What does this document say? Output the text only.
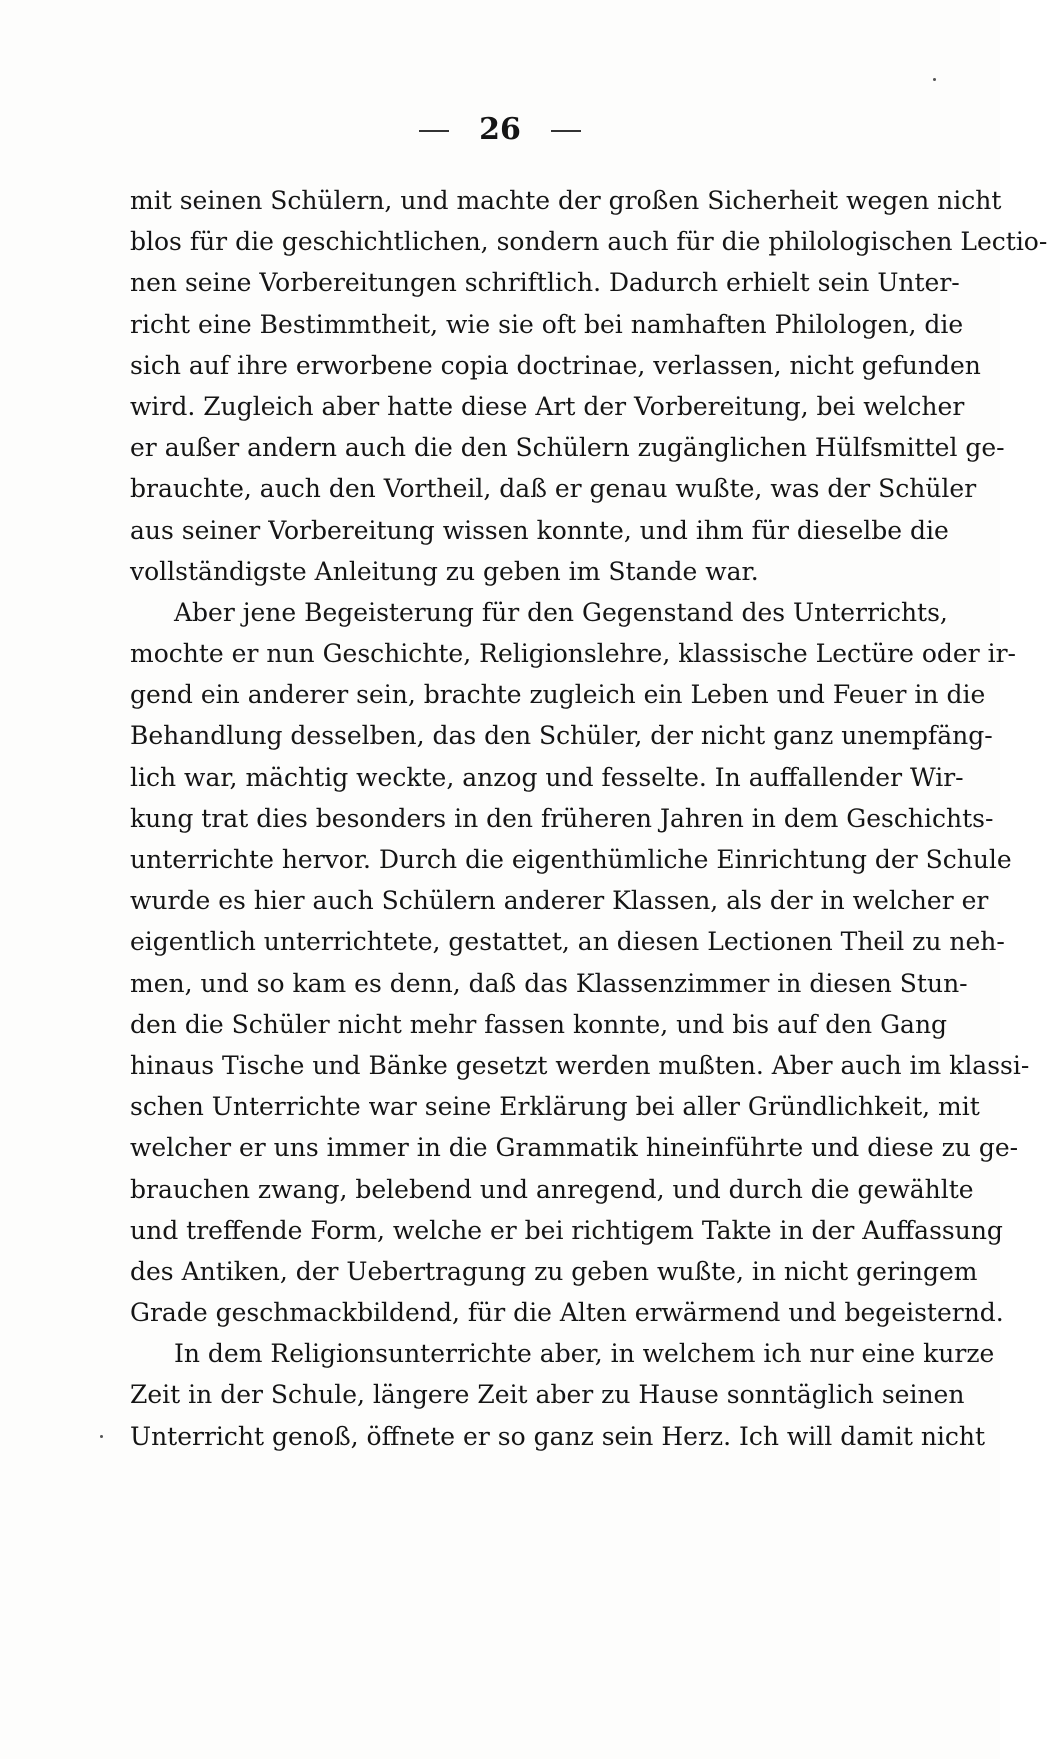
26
mit seinen Schülern, und machte der großen Sicherheit wegen nicht
blos für die geschichtlichen, sondern auch für die philologischen Lectio-
nen seine Vorbereitungen schriftlich. Dadurch erhielt sein Unter-
richt eine Bestimmtheit, wie sie oft bei namhaften Philologen, die
sich auf ihre erworbene copia doctrinae, verlassen, nicht gefunden
wird. Zugleich aber hatte diese Art der Vorbereitung, bei welcher
er außer andern auch die den Schülern zugänglichen Hülfsmittel ge-
brauchte, auch den Vortheil, daß er genau wußte, was der Schüler
aus seiner Vorbereitung wissen konnte, und ihm für dieselbe die
vollständigste Anleitung zu geben im Stande war.
Aber jene Begeisterung für den Gegenstand des Unterrichts,
mochte er nun Geschichte, Religionslehre, klassische Lectüre oder ir-
gend ein anderer sein, brachte zugleich ein Leben und Feuer in die
Behandlung desselben, das den Schüler, der nicht ganz unempfäng-
lich war, mächtig weckte, anzog und fesselte. In auffallender Wir-
kung trat dies besonders in den früheren Jahren in dem Geschichts-
unterrichte hervor. Durch die eigenthümliche Einrichtung der Schule
wurde es hier auch Schülern anderer Klassen, als der in welcher er
eigentlich unterrichtete, gestattet, an diesen Lectionen Theil zu neh-
men, und so kam es denn, daß das Klassenzimmer in diesen Stun-
den die Schüler nicht mehr fassen konnte, und bis auf den Gang
hinaus Tische und Bänke gesetzt werden mußten. Aber auch im klassi-
schen Unterrichte war seine Erklärung bei aller Gründlichkeit, mit
welcher er uns immer in die Grammatik hineinführte und diese zu ge-
brauchen zwang, belebend und anregend, und durch die gewählte
und treffende Form, welche er bei richtigem Takte in der Auffassung
des Antiken, der Uebertragung zu geben wußte, in nicht geringem
Grade geschmackbildend, für die Alten erwärmend und begeisternd.
In dem Religionsunterrichte aber, in welchem ich nur eine kurze
Zeit in der Schule, längere Zeit aber zu Hause sonntäglich seinen
Unterricht genoß, öffnete er so ganz sein Herz. Ich will damit nicht
